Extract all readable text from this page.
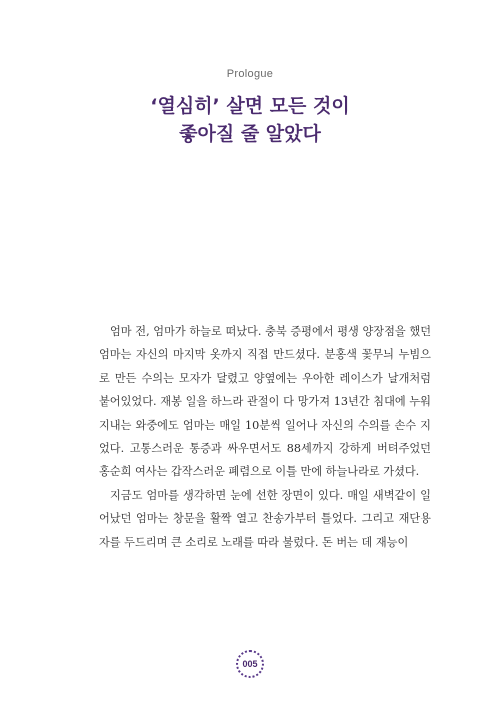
Prologue
‘열심히’ 살면 모든 것이
좋아질 줄 알았다

엄마 전, 엄마가 하늘로 떠났다. 충북 증평에서 평생 양장점을 했던 엄마는 자신의 마지막 옷까지 직접 만드셨다. 분홍색 꽃무늬 누빔으로 만든 수의는 모자가 달렸고 양옆에는 우아한 레이스가 날개처럼 붙어있었다. 재봉 일을 하느라 관절이 다 망가져 13년간 침대에 누워 지내는 와중에도 엄마는 매일 10분씩 일어나 자신의 수의를 손수 지었다. 고통스러운 통증과 싸우면서도 88세까지 강하게 버텨주었던 홍순희 여사는 갑작스러운 폐렴으로 이틀 만에 하늘나라로 가셨다.

지금도 엄마를 생각하면 눈에 선한 장면이 있다. 매일 새벽같이 일어났던 엄마는 창문을 활짝 열고 찬송가부터 틀었다. 그리고 재단용 자를 두드리며 큰 소리로 노래를 따라 불렀다. 돈 버는 데 재능이

005
